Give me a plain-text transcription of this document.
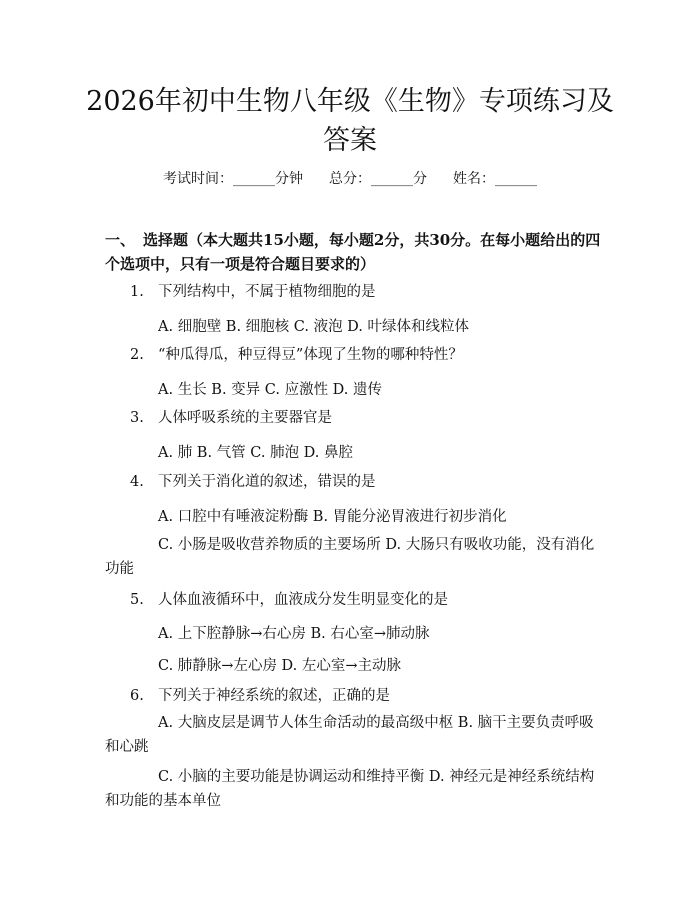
2026年初中生物八年级《生物》专项练习及
答案
考试时间：______分钟 总分：______分 姓名：______
一、 选择题（本大题共15小题，每小题2分，共30分。在每小题给出的四个选项中，只有一项是符合题目要求的）
1. 下列结构中，不属于植物细胞的是
A. 细胞壁 B. 细胞核 C. 液泡 D. 叶绿体和线粒体
2. “种瓜得瓜，种豆得豆”体现了生物的哪种特性？
A. 生长 B. 变异 C. 应激性 D. 遗传
3. 人体呼吸系统的主要器官是
A. 肺 B. 气管 C. 肺泡 D. 鼻腔
4. 下列关于消化道的叙述，错误的是
A. 口腔中有唾液淀粉酶 B. 胃能分泌胃液进行初步消化
C. 小肠是吸收营养物质的主要场所 D. 大肠只有吸收功能，没有消化功能
5. 人体血液循环中，血液成分发生明显变化的是
A. 上下腔静脉→右心房 B. 右心室→肺动脉
C. 肺静脉→左心房 D. 左心室→主动脉
6. 下列关于神经系统的叙述，正确的是
A. 大脑皮层是调节人体生命活动的最高级中枢 B. 脑干主要负责呼吸和心跳
C. 小脑的主要功能是协调运动和维持平衡 D. 神经元是神经系统结构和功能的基本单位
